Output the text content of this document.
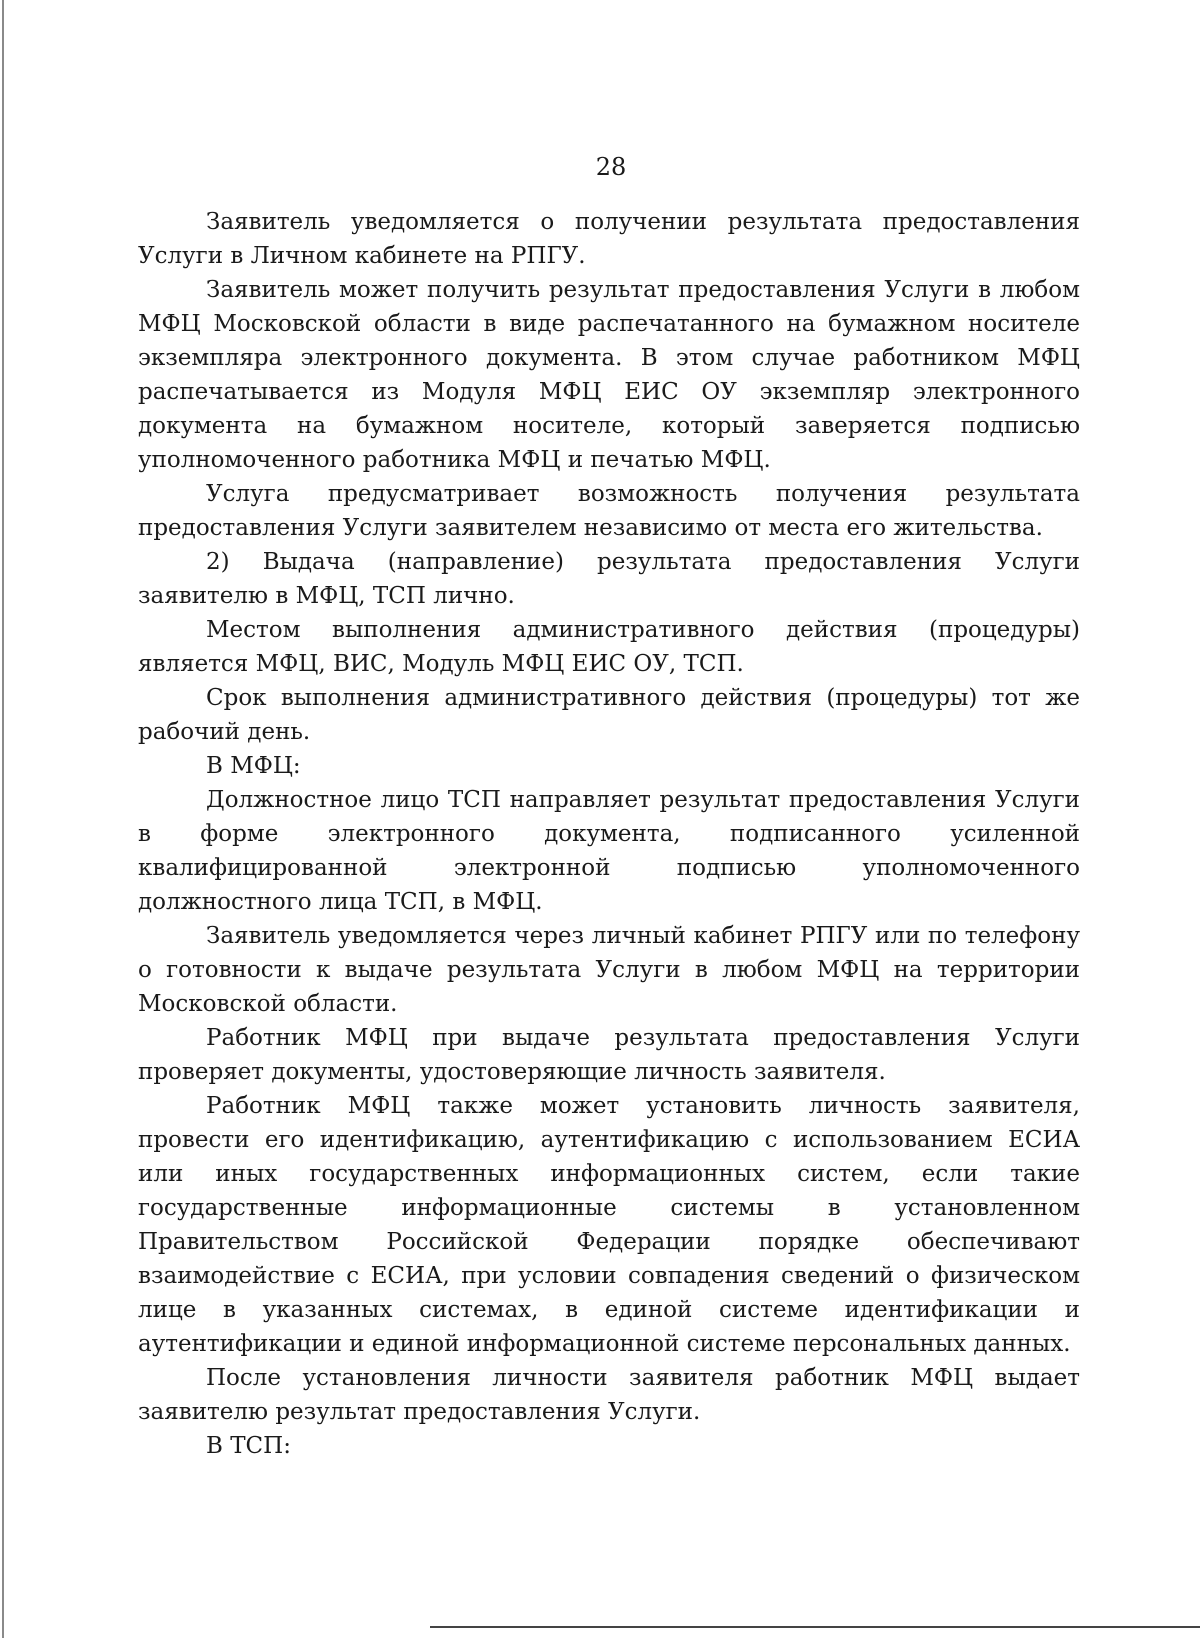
28

Заявитель уведомляется о получении результата предоставления Услуги в Личном кабинете на РПГУ.

Заявитель может получить результат предоставления Услуги в любом МФЦ Московской области в виде распечатанного на бумажном носителе экземпляра электронного документа. В этом случае работником МФЦ распечатывается из Модуля МФЦ ЕИС ОУ экземпляр электронного документа на бумажном носителе, который заверяется подписью уполномоченного работника МФЦ и печатью МФЦ.

Услуга предусматривает возможность получения результата предоставления Услуги заявителем независимо от места его жительства.

2) Выдача (направление) результата предоставления Услуги заявителю в МФЦ, ТСП лично.

Местом выполнения административного действия (процедуры) является МФЦ, ВИС, Модуль МФЦ ЕИС ОУ, ТСП.

Срок выполнения административного действия (процедуры) тот же рабочий день.

В МФЦ:

Должностное лицо ТСП направляет результат предоставления Услуги в форме электронного документа, подписанного усиленной квалифицированной электронной подписью уполномоченного должностного лица ТСП, в МФЦ.

Заявитель уведомляется через личный кабинет РПГУ или по телефону о готовности к выдаче результата Услуги в любом МФЦ на территории Московской области.

Работник МФЦ при выдаче результата предоставления Услуги проверяет документы, удостоверяющие личность заявителя.

Работник МФЦ также может установить личность заявителя, провести его идентификацию, аутентификацию с использованием ЕСИА или иных государственных информационных систем, если такие государственные информационные системы в установленном Правительством Российской Федерации порядке обеспечивают взаимодействие с ЕСИА, при условии совпадения сведений о физическом лице в указанных системах, в единой системе идентификации и аутентификации и единой информационной системе персональных данных.

После установления личности заявителя работник МФЦ выдает заявителю результат предоставления Услуги.

В ТСП:
